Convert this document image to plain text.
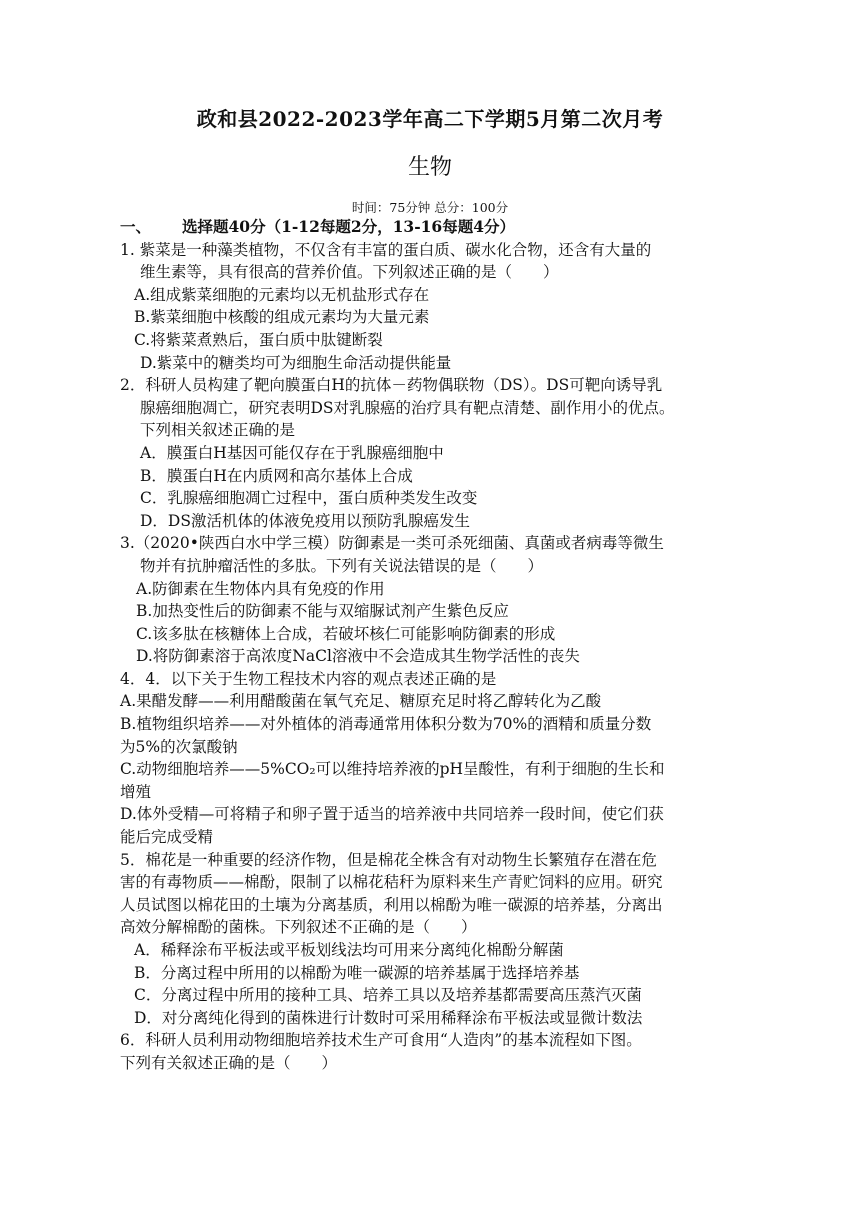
政和县2022-2023学年高二下学期5月第二次月考
生物
时间：75分钟 总分：100分
一、 选择题40分（1-12每题2分，13-16每题4分）
1. 紫菜是一种藻类植物，不仅含有丰富的蛋白质、碳水化合物，还含有大量的
维生素等，具有很高的营养价值。下列叙述正确的是（　　）
A.组成紫菜细胞的元素均以无机盐形式存在
B.紫菜细胞中核酸的组成元素均为大量元素
C.将紫菜煮熟后，蛋白质中肽键断裂
D.紫菜中的糖类均可为细胞生命活动提供能量
2．科研人员构建了靶向膜蛋白H的抗体－药物偶联物（DS）。DS可靶向诱导乳
腺癌细胞凋亡，研究表明DS对乳腺癌的治疗具有靶点清楚、副作用小的优点。
下列相关叙述正确的是
A．膜蛋白H基因可能仅存在于乳腺癌细胞中
B．膜蛋白H在内质网和高尔基体上合成
C．乳腺癌细胞凋亡过程中，蛋白质种类发生改变
D．DS激活机体的体液免疫用以预防乳腺癌发生
3.（2020•陕西白水中学三模）防御素是一类可杀死细菌、真菌或者病毒等微生
物并有抗肿瘤活性的多肽。下列有关说法错误的是（　　）
A.防御素在生物体内具有免疫的作用
B.加热变性后的防御素不能与双缩脲试剂产生紫色反应
C.该多肽在核糖体上合成，若破坏核仁可能影响防御素的形成
D.将防御素溶于高浓度NaCl溶液中不会造成其生物学活性的丧失
4．4．以下关于生物工程技术内容的观点表述正确的是
A.果醋发酵——利用醋酸菌在氧气充足、糖原充足时将乙醇转化为乙酸
B.植物组织培养——对外植体的消毒通常用体积分数为70%的酒精和质量分数
为5%的次氯酸钠
C.动物细胞培养——5%CO₂可以维持培养液的pH呈酸性，有利于细胞的生长和
增殖
D.体外受精—可将精子和卵子置于适当的培养液中共同培养一段时间，使它们获
能后完成受精
5．棉花是一种重要的经济作物，但是棉花全株含有对动物生长繁殖存在潜在危
害的有毒物质——棉酚，限制了以棉花秸秆为原料来生产青贮饲料的应用。研究
人员试图以棉花田的土壤为分离基质，利用以棉酚为唯一碳源的培养基，分离出
高效分解棉酚的菌株。下列叙述不正确的是（　　）
A．稀释涂布平板法或平板划线法均可用来分离纯化棉酚分解菌
B．分离过程中所用的以棉酚为唯一碳源的培养基属于选择培养基
C．分离过程中所用的接种工具、培养工具以及培养基都需要高压蒸汽灭菌
D．对分离纯化得到的菌株进行计数时可采用稀释涂布平板法或显微计数法
6．科研人员利用动物细胞培养技术生产可食用“人造肉”的基本流程如下图。
下列有关叙述正确的是（　　）
